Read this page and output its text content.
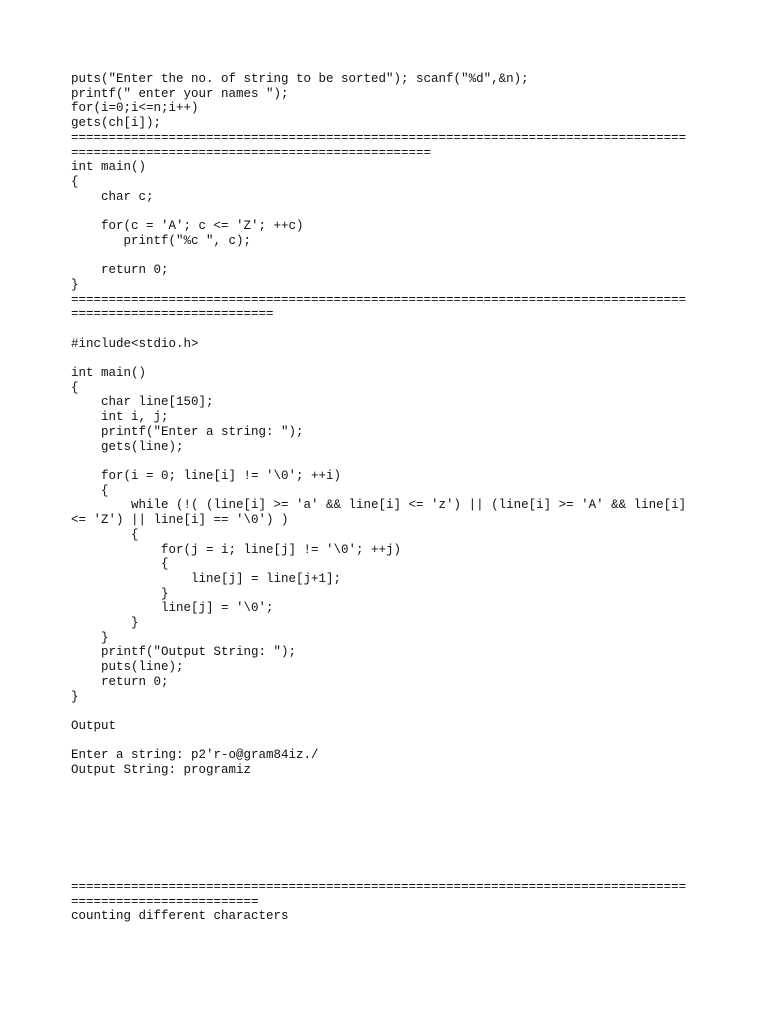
puts("Enter the no. of string to be sorted"); scanf("%d",&n);
printf(" enter your names ");
for(i=0;i<=n;i++)
gets(ch[i]);
==================================================================================
================================================
int main()
{
char c;

for(c = 'A'; c <= 'Z'; ++c)
printf("%c ", c);

return 0;
}
==================================================================================
===========================

#include<stdio.h>

int main()
{
char line[150];
int i, j;
printf("Enter a string: ");
gets(line);

for(i = 0; line[i] != '\0'; ++i)
{
while (!( (line[i] >= 'a' && line[i] <= 'z') || (line[i] >= 'A' && line[i]
<= 'Z') || line[i] == '\0') )
{
for(j = i; line[j] != '\0'; ++j)
{
line[j] = line[j+1];
}
line[j] = '\0';
}
}
printf("Output String: ");
puts(line);
return 0;
}
Output
Enter a string: p2'r-o@gram84iz./
Output String: programiz
==================================================================================
=========================
counting different characters
